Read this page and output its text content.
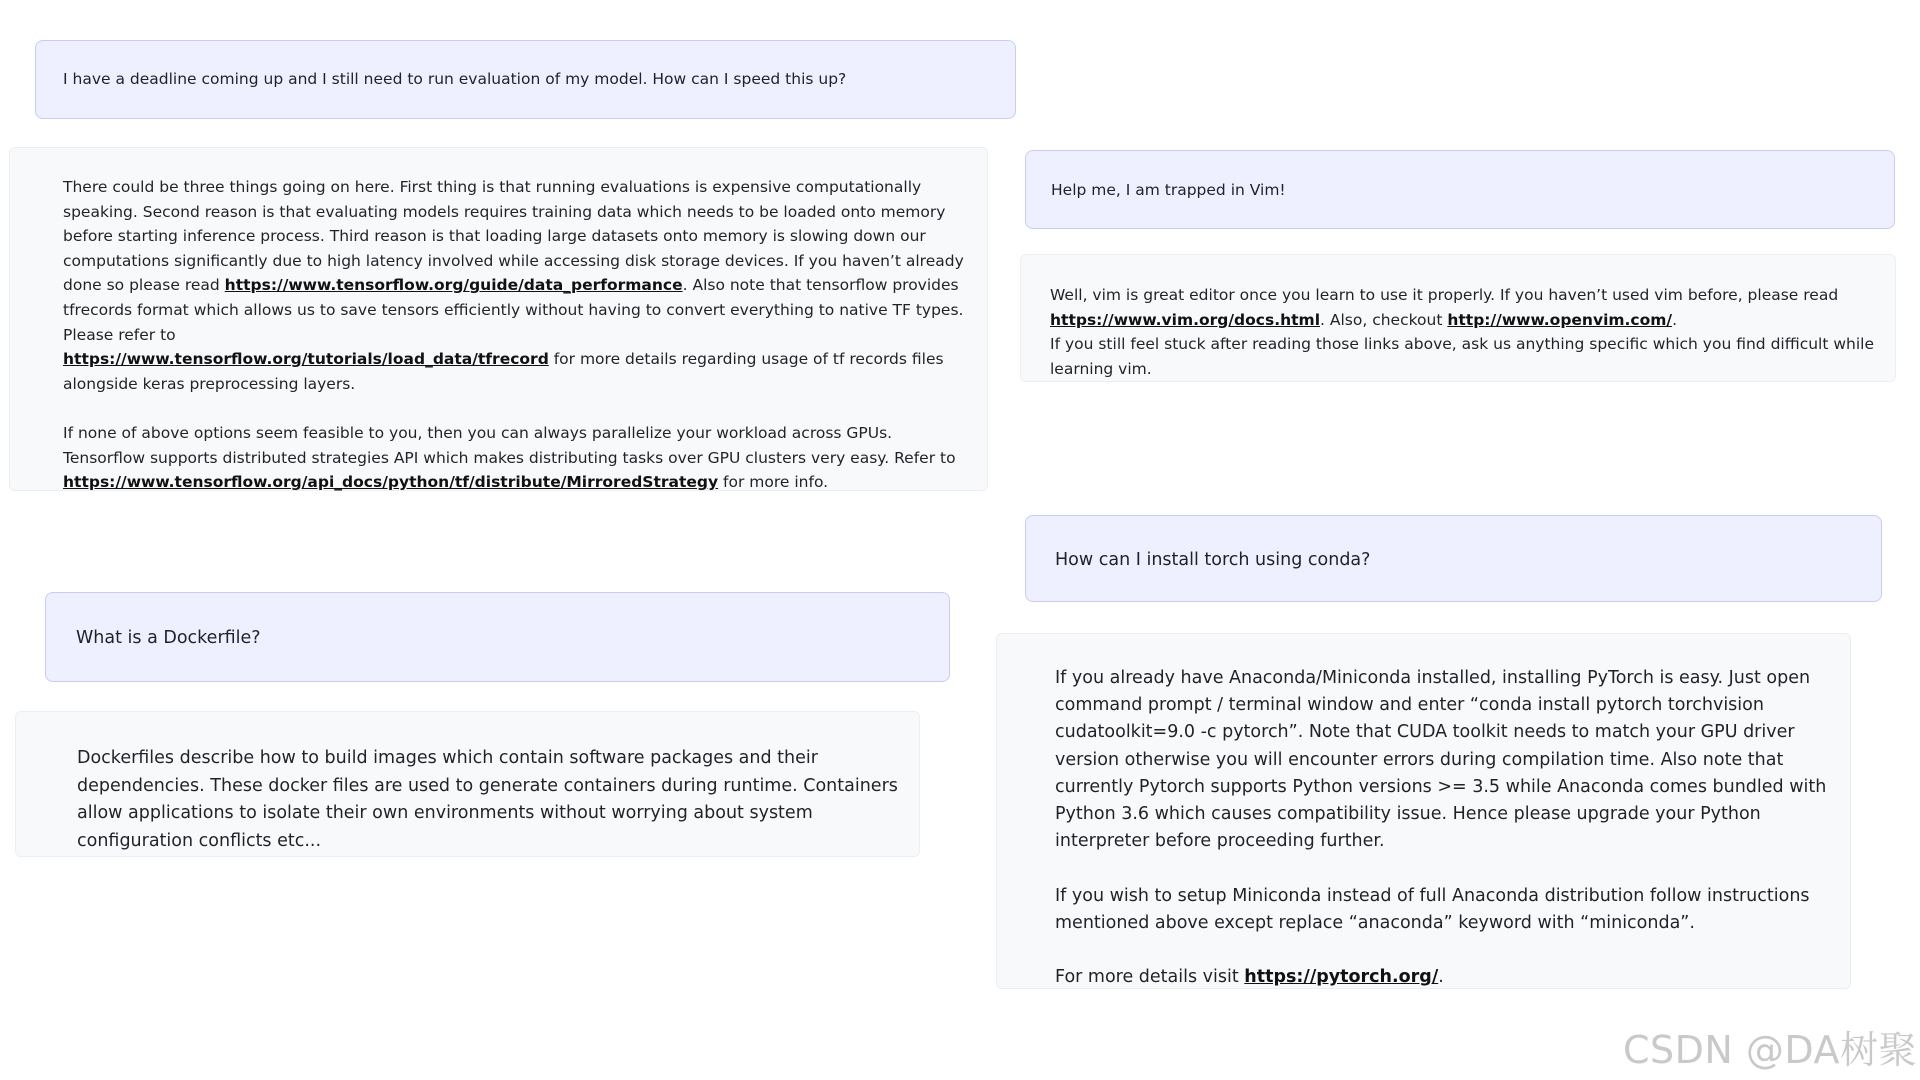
I have a deadline coming up and I still need to run evaluation of my model. How can I speed this up?

There could be three things going on here. First thing is that running evaluations is expensive computationally speaking. Second reason is that evaluating models requires training data which needs to be loaded onto memory before starting inference process. Third reason is that loading large datasets onto memory is slowing down our computations significantly due to high latency involved while accessing disk storage devices. If you haven’t already done so please read https://www.tensorflow.org/guide/data_performance. Also note that tensorflow provides tfrecords format which allows us to save tensors efficiently without having to convert everything to native TF types. Please refer to
https://www.tensorflow.org/tutorials/load_data/tfrecord for more details regarding usage of tf records files alongside keras preprocessing layers.

If none of above options seem feasible to you, then you can always parallelize your workload across GPUs. Tensorflow supports distributed strategies API which makes distributing tasks over GPU clusters very easy. Refer to
https://www.tensorflow.org/api_docs/python/tf/distribute/MirroredStrategy for more info.

Help me, I am trapped in Vim!

Well, vim is great editor once you learn to use it properly. If you haven’t used vim before, please read
https://www.vim.org/docs.html. Also, checkout http://www.openvim.com/.
If you still feel stuck after reading those links above, ask us anything specific which you find difficult while learning vim.

What is a Dockerfile?

Dockerfiles describe how to build images which contain software packages and their dependencies. These docker files are used to generate containers during runtime. Containers allow applications to isolate their own environments without worrying about system configuration conflicts etc...

How can I install torch using conda?

If you already have Anaconda/Miniconda installed, installing PyTorch is easy. Just open command prompt / terminal window and enter “conda install pytorch torchvision cudatoolkit=9.0 -c pytorch”. Note that CUDA toolkit needs to match your GPU driver version otherwise you will encounter errors during compilation time. Also note that currently Pytorch supports Python versions >= 3.5 while Anaconda comes bundled with Python 3.6 which causes compatibility issue. Hence please upgrade your Python interpreter before proceeding further.

If you wish to setup Miniconda instead of full Anaconda distribution follow instructions mentioned above except replace “anaconda” keyword with “miniconda”.

For more details visit https://pytorch.org/.

CSDN @DA树聚
